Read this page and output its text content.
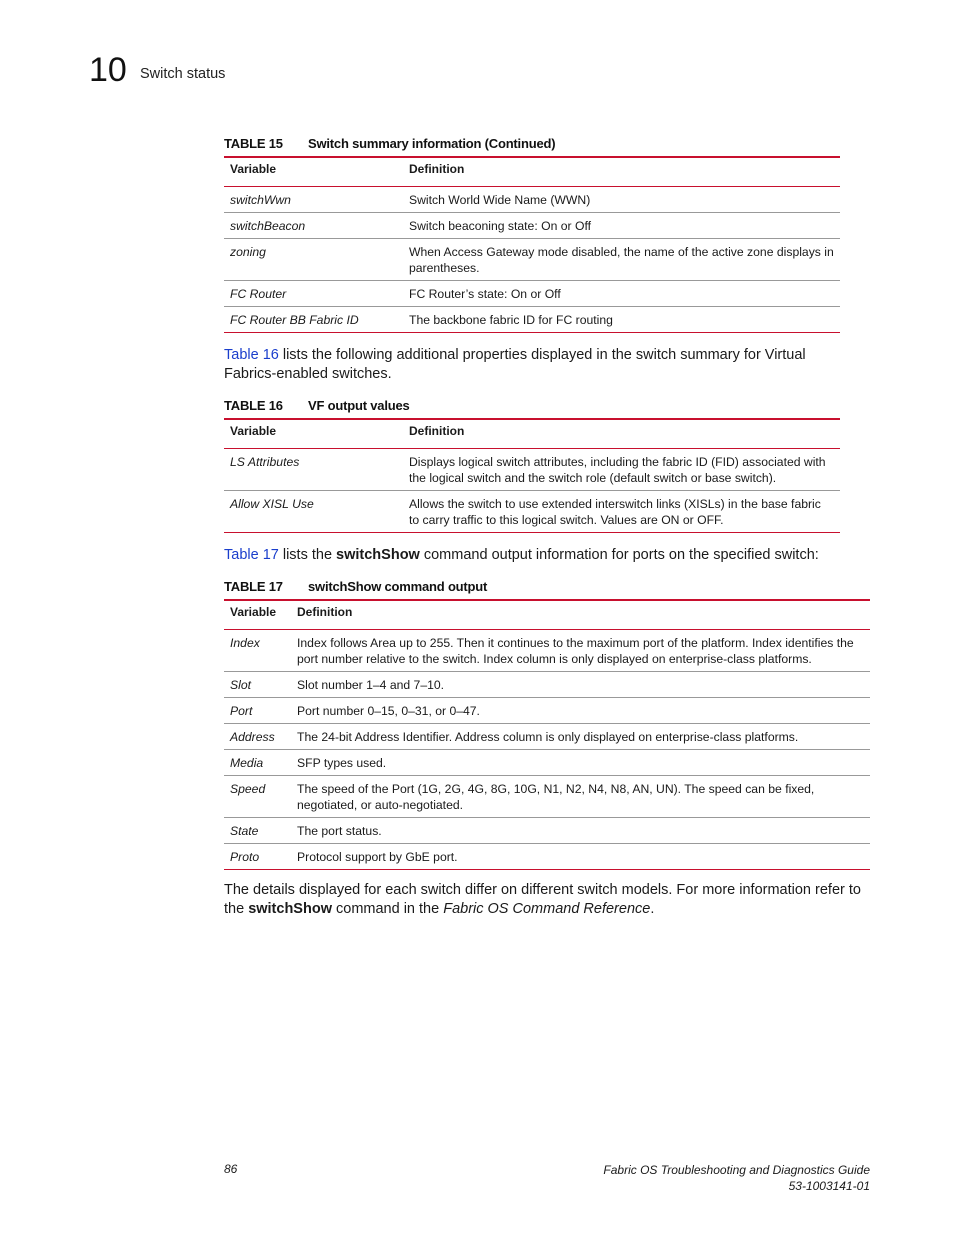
10 Switch status
TABLE 15 Switch summary information (Continued)
Variable	Definition
switchWwn	Switch World Wide Name (WWN)
switchBeacon	Switch beaconing state: On or Off
zoning	When Access Gateway mode disabled, the name of the active zone displays in parentheses.
FC Router	FC Router’s state: On or Off
FC Router BB Fabric ID	The backbone fabric ID for FC routing
Table 16 lists the following additional properties displayed in the switch summary for Virtual Fabrics-enabled switches.
TABLE 16 VF output values
Variable	Definition
LS Attributes	Displays logical switch attributes, including the fabric ID (FID) associated with the logical switch and the switch role (default switch or base switch).
Allow XISL Use	Allows the switch to use extended interswitch links (XISLs) in the base fabric to carry traffic to this logical switch. Values are ON or OFF.
Table 17 lists the switchShow command output information for ports on the specified switch:
TABLE 17 switchShow command output
Variable	Definition
Index	Index follows Area up to 255. Then it continues to the maximum port of the platform. Index identifies the port number relative to the switch. Index column is only displayed on enterprise-class platforms.
Slot	Slot number 1–4 and 7–10.
Port	Port number 0–15, 0–31, or 0–47.
Address	The 24-bit Address Identifier. Address column is only displayed on enterprise-class platforms.
Media	SFP types used.
Speed	The speed of the Port (1G, 2G, 4G, 8G, 10G, N1, N2, N4, N8, AN, UN). The speed can be fixed, negotiated, or auto-negotiated.
State	The port status.
Proto	Protocol support by GbE port.
The details displayed for each switch differ on different switch models. For more information refer to the switchShow command in the Fabric OS Command Reference.
86	Fabric OS Troubleshooting and Diagnostics Guide
53-1003141-01
